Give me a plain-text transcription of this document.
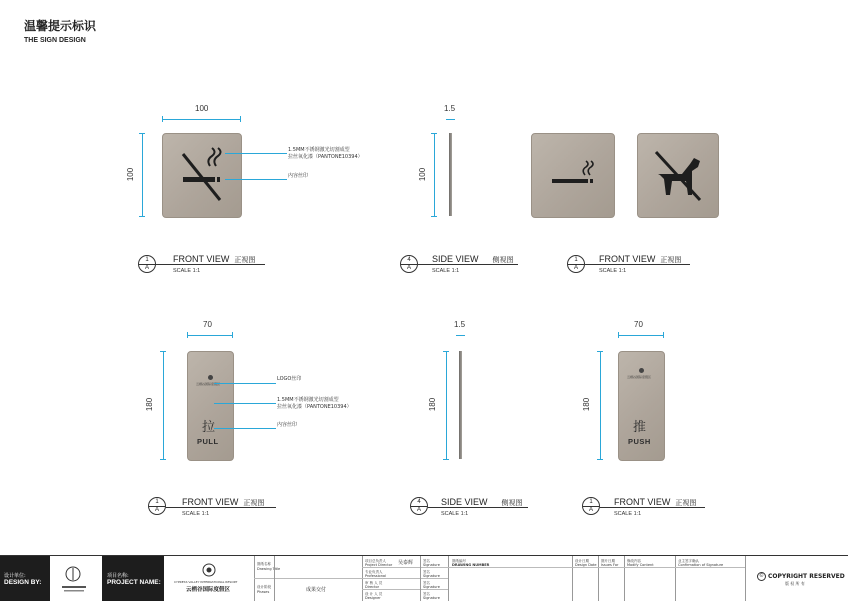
温馨提示标识
THE SIGN DESIGN
100
100
1.5MM不锈钢激光切割成型
拉丝氧化漆（PANTONE10394）
内容丝印
1
A
FRONT VIEW 正视图
SCALE 1:1
1.5
100
4
A
SIDE VIEW 侧视图
SCALE 1:1
1
A
FRONT VIEW 正视图
SCALE 1:1
云栖谷国际度假区
拉
PULL
70
180
LOGO丝印
1.5MM不锈钢激光切割成型
拉丝氧化漆（PANTONE10394）
内容丝印
1
A
FRONT VIEW 正视图
SCALE 1:1
1.5
180
4
A
SIDE VIEW 侧视图
SCALE 1:1
云栖谷国际度假区
推
PUSH
70
180
1
A
FRONT VIEW 正视图
SCALE 1:1
设计单位:
DESIGN BY:
项目名称:
PROJECT NAME:	CYPRESS VALLEY INTERNATIONAL RESORT
云栖谷国际度假区
图纸名称
Drawing Title
设计阶段
Phases	成果交付
项目总负责人
Project Director 吴泰辉
专业负责人
Professional
审 核 人 员
Director
设 计 人 员
Designer
签名
Signature
签名
Signature
签名
Signature
签名
Signature
图纸编号
DRAWING NUMBER
设计日期
Design Date
图片日期
Issues For
修改内容
Modify Content
业主签字确认
Confirmation of Signature
© COPYRIGHT RESERVED
版 权 所 有
